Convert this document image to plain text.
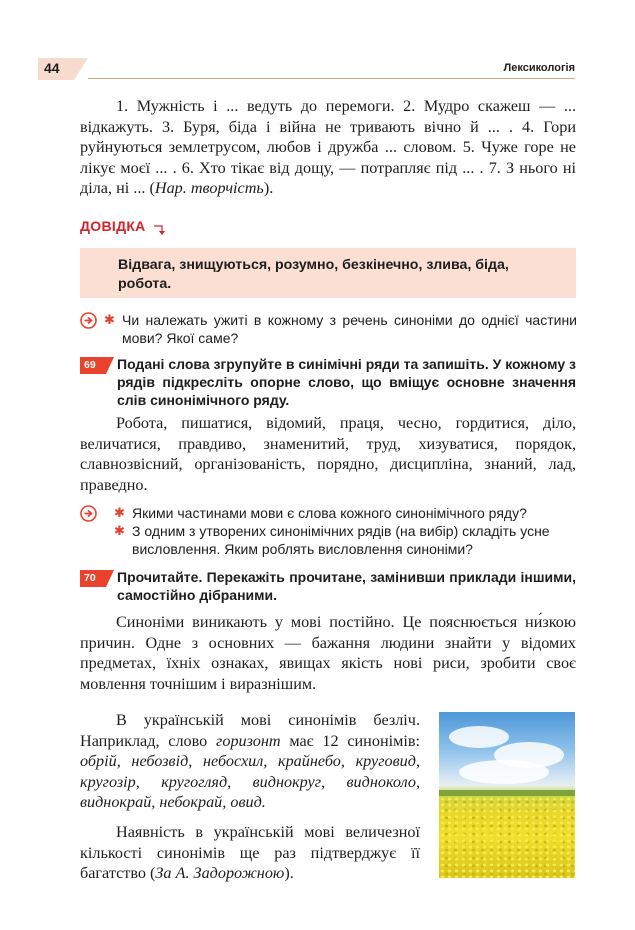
44	Лексикологія

1. Мужність і ... ведуть до перемоги. 2. Мудро скажеш — ... відкажуть. 3. Буря, біда і війна не тривають вічно й ... . 4. Гори руйнуються землетрусом, любов і дружба ... словом. 5. Чуже горе не лікує моєї ... . 6. Хто тікає від дощу, — потрапляє під ... . 7. З нього ні діла, ні ... (Нар. творчість).

ДОВІДКА

Відвага, знищуються, розумно, безкінечно, злива, біда, робота.

✱ Чи належать ужиті в кожному з речень синоніми до однієї частини мови? Якої саме?

69	Подані слова згрупуйте в синімічні ряди та запишіть. У кожному з рядів підкресліть опорне слово, що вміщує основне значення слів синонімічного ряду.

Робота, пишатися, відомий, праця, чесно, гордитися, діло, величатися, правдиво, знаменитий, труд, хизуватися, порядок, славнозвісний, організованість, порядно, дисципліна, знаний, лад, праведно.

✱ Якими частинами мови є слова кожного синонімічного ряду?

✱ З одним з утворених синонімічних рядів (на вибір) складіть усне висловлення. Яким роблять висловлення синоніми?

70	Прочитайте. Перекажіть прочитане, замінивши приклади іншими, самостійно дібраними.

Синоніми виникають у мові постійно. Це пояснюється ни́зкою причин. Одне з основних — бажання людини знайти у відомих предметах, їхніх ознаках, явищах якість нові риси, зробити своє мовлення точнішим і виразнішим.

В українській мові синонімів безліч. Наприклад, слово горизонт має 12 синонімів: обрій, небозвід, небосхил, крайнебо, круговид, кругозір, кругогляд, виднокруг, видноколо, виднокрай, небокрай, овид.

Наявність в українській мові величезної кількості синонімів ще раз підтверджує її багатство (За А. Задорожною).
